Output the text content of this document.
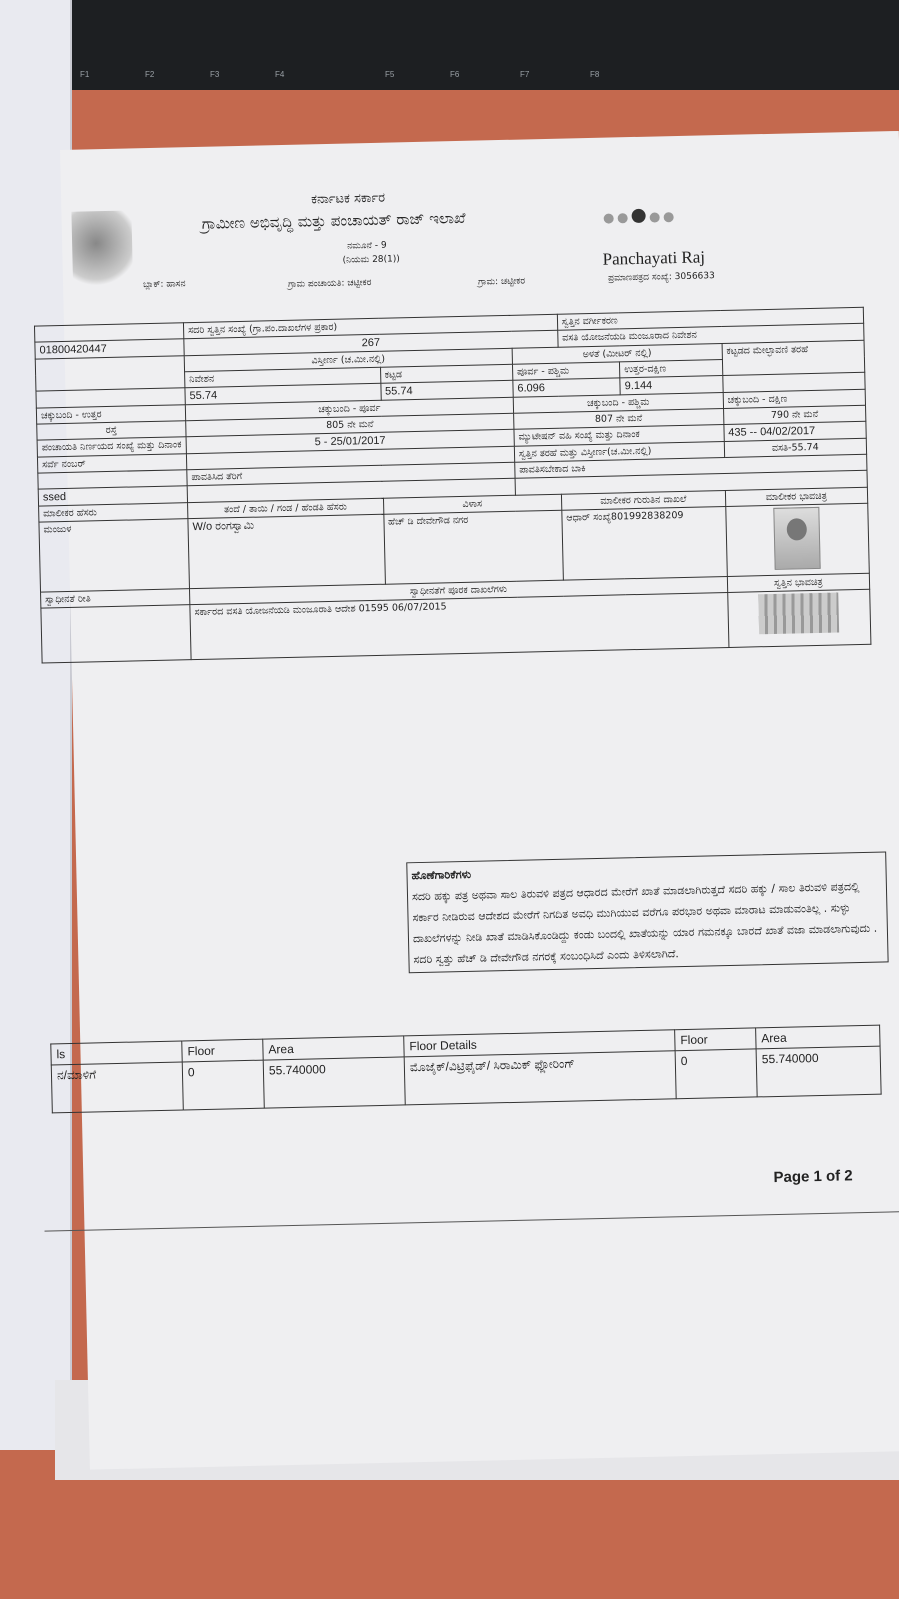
F1	F2	F3	F4	F5	F6	F7	F8
ಕರ್ನಾಟಕ ಸರ್ಕಾರ
ಗ್ರಾಮೀಣ ಅಭಿವೃದ್ಧಿ ಮತ್ತು ಪಂಚಾಯತ್ ರಾಜ್ ಇಲಾಖೆ
ನಮೂನೆ - 9
(ನಿಯಮ 28(1))
ಬ್ಲಾಕ್: ಹಾಸನ	ಗ್ರಾಮ ಪಂಚಾಯತಿ: ಚಟ್ಟೀಕರ	ಗ್ರಾಮ: ಚಟ್ಟೀಕರ
Panchayati Raj
ಪ್ರಮಾಣಪತ್ರದ ಸಂಖ್ಯೆ: 3056633
	ಸದರಿ ಸ್ವತ್ತಿನ ಸಂಖ್ಯೆ (ಗ್ರಾ.ಪಂ.ದಾಖಲೆಗಳ ಪ್ರಕಾರ)			ಸ್ವತ್ತಿನ ವರ್ಗೀಕರಣ		
01800420447	267			ವಸತಿ ಯೋಜನೆಯಡಿ ಮಂಜೂರಾದ ನಿವೇಶನ		
	ವಿಸ್ತೀರ್ಣ (ಚ.ಮೀ.ನಲ್ಲಿ)		ಅಳತೆ (ಮೀಟರ್ ನಲ್ಲಿ)			ಕಟ್ಟಡದ ಮೇಲ್ಛಾವಣಿ ತರಹೆ
	ನಿವೇಶನ	ಕಟ್ಟಡ	ಪೂರ್ವ - ಪಶ್ಚಿಮ		ಉತ್ತರ-ದಕ್ಷಿಣ	
	55.74	55.74	6.096		9.144	
ಚಕ್ಕುಬಂದಿ - ಉತ್ತರ	ಚಕ್ಕುಬಂದಿ - ಪೂರ್ವ		ಚಕ್ಕುಬಂದಿ - ಪಶ್ಚಿಮ			ಚಕ್ಕುಬಂದಿ - ದಕ್ಷಿಣ
ರಸ್ತೆ	805 ನೇ ಮನೆ		807 ನೇ ಮನೆ			790 ನೇ ಮನೆ
ಪಂಚಾಯತಿ ನಿರ್ಣಯದ ಸಂಖ್ಯೆ ಮತ್ತು ದಿನಾಂಕ	5 - 25/01/2017		ಮ್ಯುಟೇಷನ್ ವಹಿ ಸಂಖ್ಯೆ ಮತ್ತು ದಿನಾಂಕ			435 -- 04/02/2017
ಸರ್ವೆ ನಂಬರ್			ಸ್ವತ್ತಿನ ತರಹೆ ಮತ್ತು ವಿಸ್ತೀರ್ಣ(ಚ.ಮೀ.ನಲ್ಲಿ)			ವಸತಿ-55.74
	ಪಾವತಿಸಿದ ತೆರಿಗೆ		ಪಾವತಿಸಬೇಕಾದ ಬಾಕಿ			
ssed						
ಮಾಲೀಕರ ಹೆಸರು	ತಂದೆ / ತಾಯಿ / ಗಂಡ / ಹೆಂಡತಿ ಹೆಸರು	ವಿಳಾಸ		ಮಾಲೀಕರ ಗುರುತಿನ ದಾಖಲೆ		ಮಾಲೀಕರ ಭಾವಚಿತ್ರ
ಮಂಜುಳ	W/o ರಂಗಸ್ವಾಮಿ	ಹೆಚ್ ಡಿ ದೇವೇಗೌಡ ನಗರ		ಆಧಾರ್ ಸಂಖ್ಯೆ801992838209		

ಸ್ವಾಧೀನತೆ ರೀತಿ	ಸ್ವಾಧೀನತೆಗೆ ಪೂರಕ ದಾಖಲೆಗಳು					ಸ್ವತ್ತಿನ ಭಾವಚಿತ್ರ
	ಸರ್ಕಾರದ ವಸತಿ ಯೋಜನೆಯಡಿ ಮಂಜೂರಾತಿ ಆದೇಶ 01595 06/07/2015					
ಹೊಣೆಗಾರಿಕೆಗಳು
ಸದರಿ ಹಕ್ಕು ಪತ್ರ ಅಥವಾ ಸಾಲ ತಿರುವಳಿ ಪತ್ರದ ಆಧಾರದ ಮೇರೆಗೆ ಖಾತೆ ಮಾಡಲಾಗಿರುತ್ತದೆ ಸದರಿ ಹಕ್ಕು / ಸಾಲ ತಿರುವಳಿ ಪತ್ರದಲ್ಲಿ ಸರ್ಕಾರ ನೀಡಿರುವ ಆದೇಶದ ಮೇರೆಗೆ ನಿಗದಿತ ಅವಧಿ ಮುಗಿಯುವ ವರೆಗೂ ಪರಭಾರ ಅಥವಾ ಮಾರಾಟ ಮಾಡುವಂತಿಲ್ಲ . ಸುಳ್ಳು ದಾಖಲೆಗಳನ್ನು ನೀಡಿ ಖಾತೆ ಮಾಡಿಸಿಕೊಂಡಿದ್ದು ಕಂಡು ಬಂದಲ್ಲಿ ಖಾತೆಯನ್ನು ಯಾರ ಗಮನಕ್ಕೂ ಬಾರದೆ ಖಾತೆ ವಜಾ ಮಾಡಲಾಗುವುದು . ಸದರಿ ಸ್ವತ್ತು ಹೆಚ್ ಡಿ ದೇವೇಗೌಡ ನಗರಕ್ಕೆ ಸಂಬಂಧಿಸಿದೆ ಎಂದು ತಿಳಿಸಲಾಗಿದೆ.
ls	Floor	Area	Floor Details	Floor	Area
ನ/ಮಾಳಿಗೆ	0	55.740000	ಮೊಜೈಕ್/ವಿಟ್ರಿಫೈಡ್/ ಸಿರಾಮಿಕ್ ಫ್ಲೋರಿಂಗ್	0	55.740000
Page 1 of 2
